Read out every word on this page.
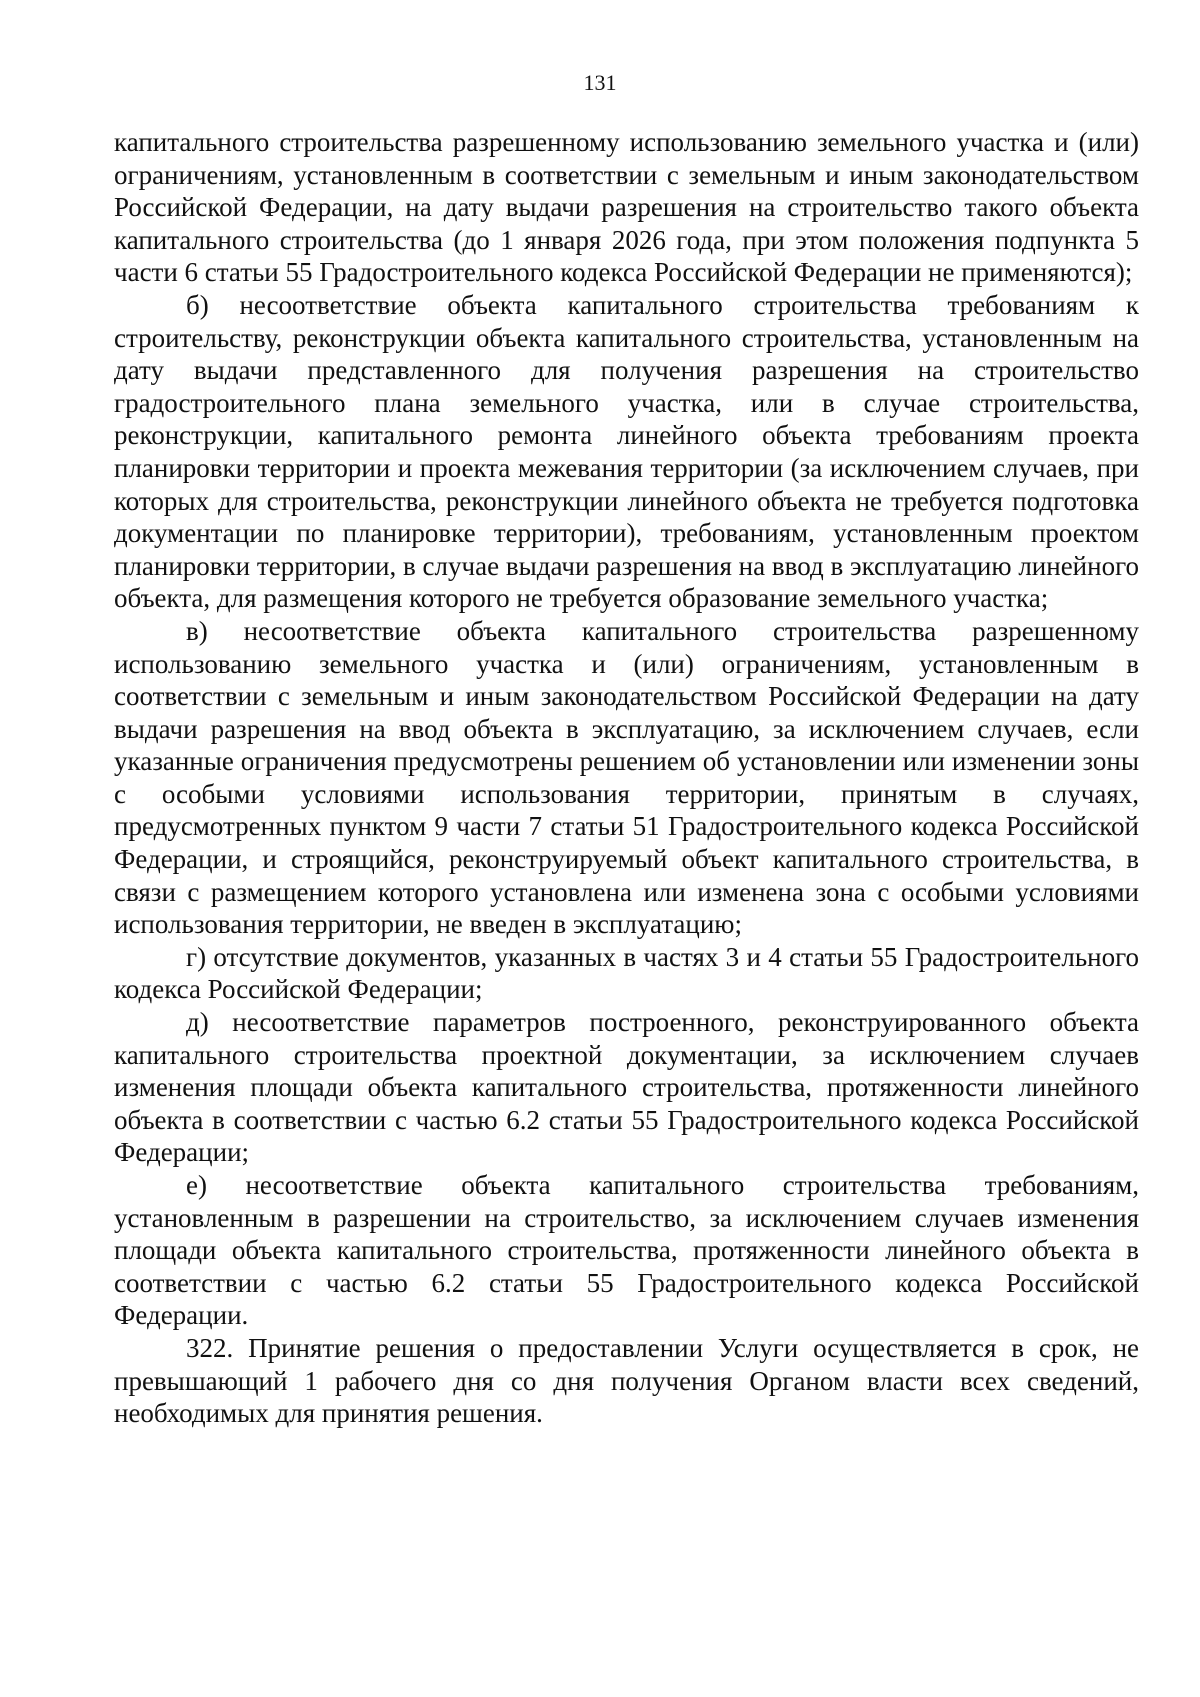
131

капитального строительства разрешенному использованию земельного участка и (или) ограничениям, установленным в соответствии с земельным и иным законодательством Российской Федерации, на дату выдачи разрешения на строительство такого объекта капитального строительства (до 1 января 2026 года, при этом положения подпункта 5 части 6 статьи 55 Градостроительного кодекса Российской Федерации не применяются);

б) несоответствие объекта капитального строительства требованиям к строительству, реконструкции объекта капитального строительства, установленным на дату выдачи представленного для получения разрешения на строительство градостроительного плана земельного участка, или в случае строительства, реконструкции, капитального ремонта линейного объекта требованиям проекта планировки территории и проекта межевания территории (за исключением случаев, при которых для строительства, реконструкции линейного объекта не требуется подготовка документации по планировке территории), требованиям, установленным проектом планировки территории, в случае выдачи разрешения на ввод в эксплуатацию линейного объекта, для размещения которого не требуется образование земельного участка;

в) несоответствие объекта капитального строительства разрешенному использованию земельного участка и (или) ограничениям, установленным в соответствии с земельным и иным законодательством Российской Федерации на дату выдачи разрешения на ввод объекта в эксплуатацию, за исключением случаев, если указанные ограничения предусмотрены решением об установлении или изменении зоны с особыми условиями использования территории, принятым в случаях, предусмотренных пунктом 9 части 7 статьи 51 Градостроительного кодекса Российской Федерации, и строящийся, реконструируемый объект капитального строительства, в связи с размещением которого установлена или изменена зона с особыми условиями использования территории, не введен в эксплуатацию;

г) отсутствие документов, указанных в частях 3 и 4 статьи 55 Градостроительного кодекса Российской Федерации;

д) несоответствие параметров построенного, реконструированного объекта капитального строительства проектной документации, за исключением случаев изменения площади объекта капитального строительства, протяженности линейного объекта в соответствии с частью 6.2 статьи 55 Градостроительного кодекса Российской Федерации;

е) несоответствие объекта капитального строительства требованиям, установленным в разрешении на строительство, за исключением случаев изменения площади объекта капитального строительства, протяженности линейного объекта в соответствии с частью 6.2 статьи 55 Градостроительного кодекса Российской Федерации.

322. Принятие решения о предоставлении Услуги осуществляется в срок, не превышающий 1 рабочего дня со дня получения Органом власти всех сведений, необходимых для принятия решения.
